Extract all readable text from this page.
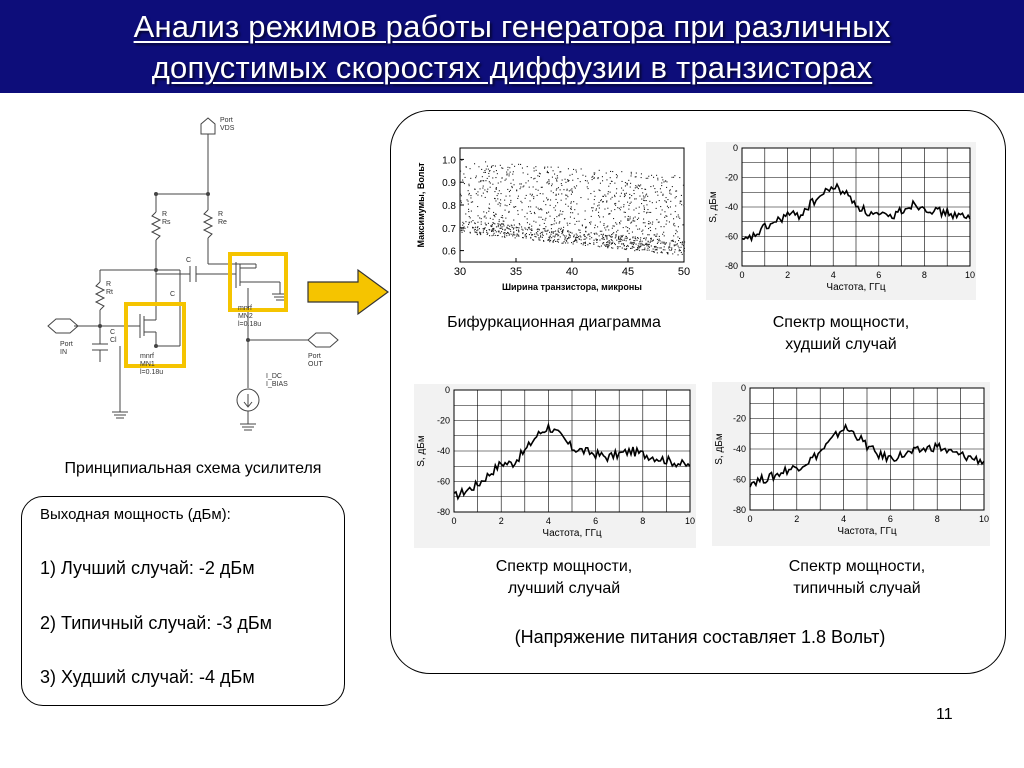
Анализ режимов работы генератора при различных
допустимых скоростях диффузии в транзисторах
Port VDS
R Rs
R Re
R Rt
C Cl
C
C
Port IN
Port OUT
mnrf MN1 l=0.18u
mnrf MN2 l=0.18u
I_DC I_BIAS
Принципиальная схема усилителя
Выходная мощность (дБм):
1) Лучший случай: -2 дБм
2) Типичный случай: -3 дБм
3) Худший случай: -4 дБм
30	35	40	45	50
0.6
0.7
0.8
0.9
1.0
Ширина транзистора, микроны
Максимумы, Вольт
Бифуркационная диаграмма
0	2	4	6	8	10
0
-20
-40
-60
-80
Частота, ГГц
S, дБм
Спектр мощности,
худший случай
0	2	4	6	8	10
0
-20
-40
-60
-80
Частота, ГГц
S, дБм
Спектр мощности,
лучший случай
0	2	4	6	8	10
0
-20
-40
-60
-80
Частота, ГГц
S, дБм
Спектр мощности,
типичный случай
(Напряжение питания составляет 1.8 Вольт)
11
